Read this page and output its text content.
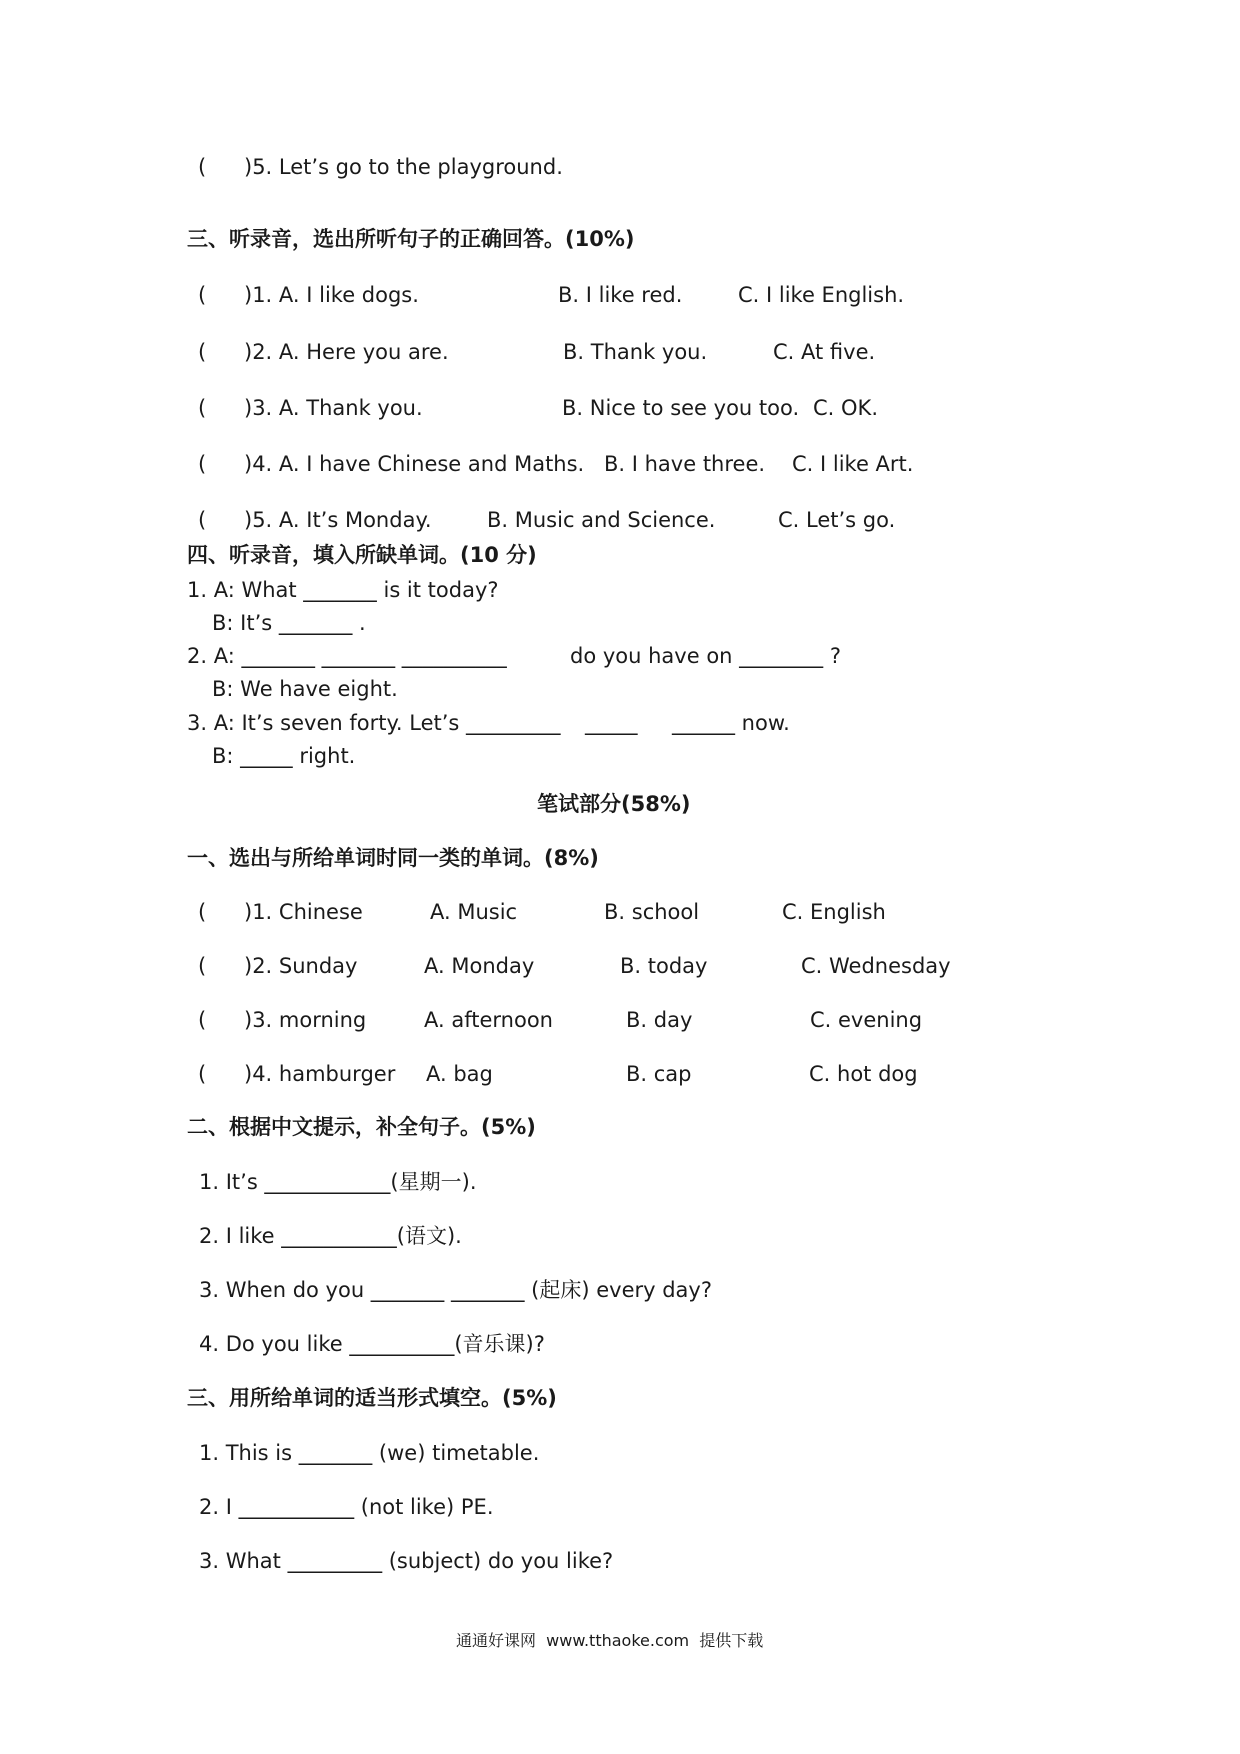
( )5. Let’s go to the playground.
三、听录音，选出所听句子的正确回答。(10%)
( )1. A. I like dogs.	B. I like red.	C. I like English.
( )2. A. Here you are.	B. Thank you.	C. At five.
( )3. A. Thank you.	B. Nice to see you too. C. OK.
( )4. A. I have Chinese and Maths. B. I have three. C. I like Art.
( )5. A. It’s Monday.	B. Music and Science.	C. Let’s go.
四、听录音，填入所缺单词。(10 分)
1. A: What _______ is it today?
B: It’s _______ .
2. A: _______ _______ __________	do you have on ________ ?
B: We have eight.
3. A: It’s seven forty. Let’s _________ _____ ______ now.
B: _____ right.
笔试部分(58%)
一、选出与所给单词时同一类的单词。(8%)
( )1. Chinese	A. Music	B. school	C. English
( )2. Sunday	A. Monday	B. today	C. Wednesday
( )3. morning	A. afternoon	B. day	C. evening
( )4. hamburger A. bag	B. cap	C. hot dog
二、根据中文提示，补全句子。(5%)
1. It’s ____________(星期一).
2. I like ___________(语文).
3. When do you _______ _______ (起床) every day?
4. Do you like __________(音乐课)?
三、用所给单词的适当形式填空。(5%)
1. This is _______ (we) timetable.
2. I ___________ (not like) PE.
3. What _________ (subject) do you like?
通通好课网  www.tthaoke.com  提供下载
